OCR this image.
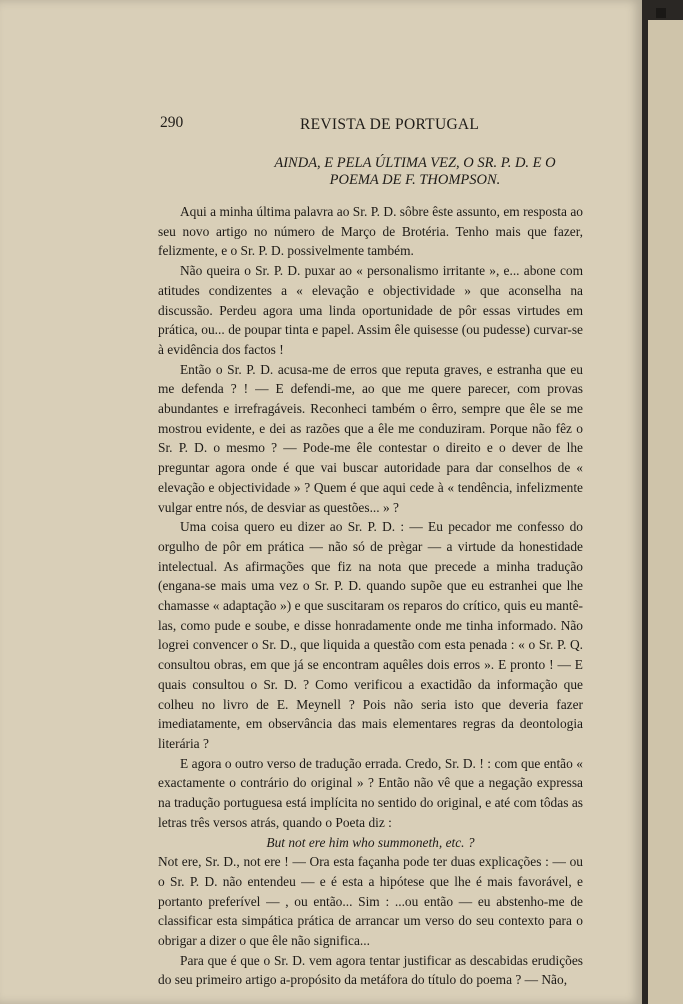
290	REVISTA DE PORTUGAL
AINDA, E PELA ÚLTIMA VEZ, O SR. P. D. E O
POEMA DE F. THOMPSON.

Aqui a minha última palavra ao Sr. P. D. sôbre êste assunto, em resposta ao seu novo artigo no número de Março de Brotéria. Tenho mais que fazer, felizmente, e o Sr. P. D. possivelmente também.

Não queira o Sr. P. D. puxar ao « personalismo irritante », e... abone com atitudes condizentes a « elevação e objectividade » que aconselha na discussão. Perdeu agora uma linda oportunidade de pôr essas virtudes em prática, ou... de poupar tinta e papel. Assim êle quisesse (ou pudesse) curvar-se à evidência dos factos !

Então o Sr. P. D. acusa-me de erros que reputa graves, e estranha que eu me defenda ? ! — E defendi-me, ao que me quere parecer, com provas abundantes e irrefragáveis. Reconheci também o êrro, sempre que êle se me mostrou evidente, e dei as razões que a êle me conduziram. Porque não fêz o Sr. P. D. o mesmo ? — Pode-me êle contestar o direito e o dever de lhe preguntar agora onde é que vai buscar autoridade para dar conselhos de « elevação e objectividade » ? Quem é que aqui cede à « tendência, infelizmente vulgar entre nós, de desviar as questões... » ?

Uma coisa quero eu dizer ao Sr. P. D. : — Eu pecador me confesso do orgulho de pôr em prática — não só de prègar — a virtude da honestidade intelectual. As afirmações que fiz na nota que precede a minha tradução (engana-se mais uma vez o Sr. P. D. quando supõe que eu estranhei que lhe chamasse « adaptação ») e que suscitaram os reparos do crítico, quis eu mantê-las, como pude e soube, e disse honradamente onde me tinha informado. Não logrei convencer o Sr. D., que liquida a questão com esta penada : « o Sr. P. Q. consultou obras, em que já se encontram aquêles dois erros ». E pronto ! — E quais consultou o Sr. D. ? Como verificou a exactidão da informação que colheu no livro de E. Meynell ? Pois não seria isto que deveria fazer imediatamente, em observância das mais elementares regras da deontologia literária ?

E agora o outro verso de tradução errada. Credo, Sr. D. ! : com que então « exactamente o contrário do original » ? Então não vê que a negação expressa na tradução portuguesa está implícita no sentido do original, e até com tôdas as letras três versos atrás, quando o Poeta diz :

But not ere him who summoneth, etc. ?

Not ere, Sr. D., not ere ! — Ora esta façanha pode ter duas explicações : — ou o Sr. P. D. não entendeu — e é esta a hipótese que lhe é mais favorável, e portanto preferível — , ou então... Sim : ...ou então — eu abstenho-me de classificar esta simpática prática de arrancar um verso do seu contexto para o obrigar a dizer o que êle não significa...

Para que é que o Sr. D. vem agora tentar justificar as descabidas erudições do seu primeiro artigo a-propósito da metáfora do título do poema ? — Não,
